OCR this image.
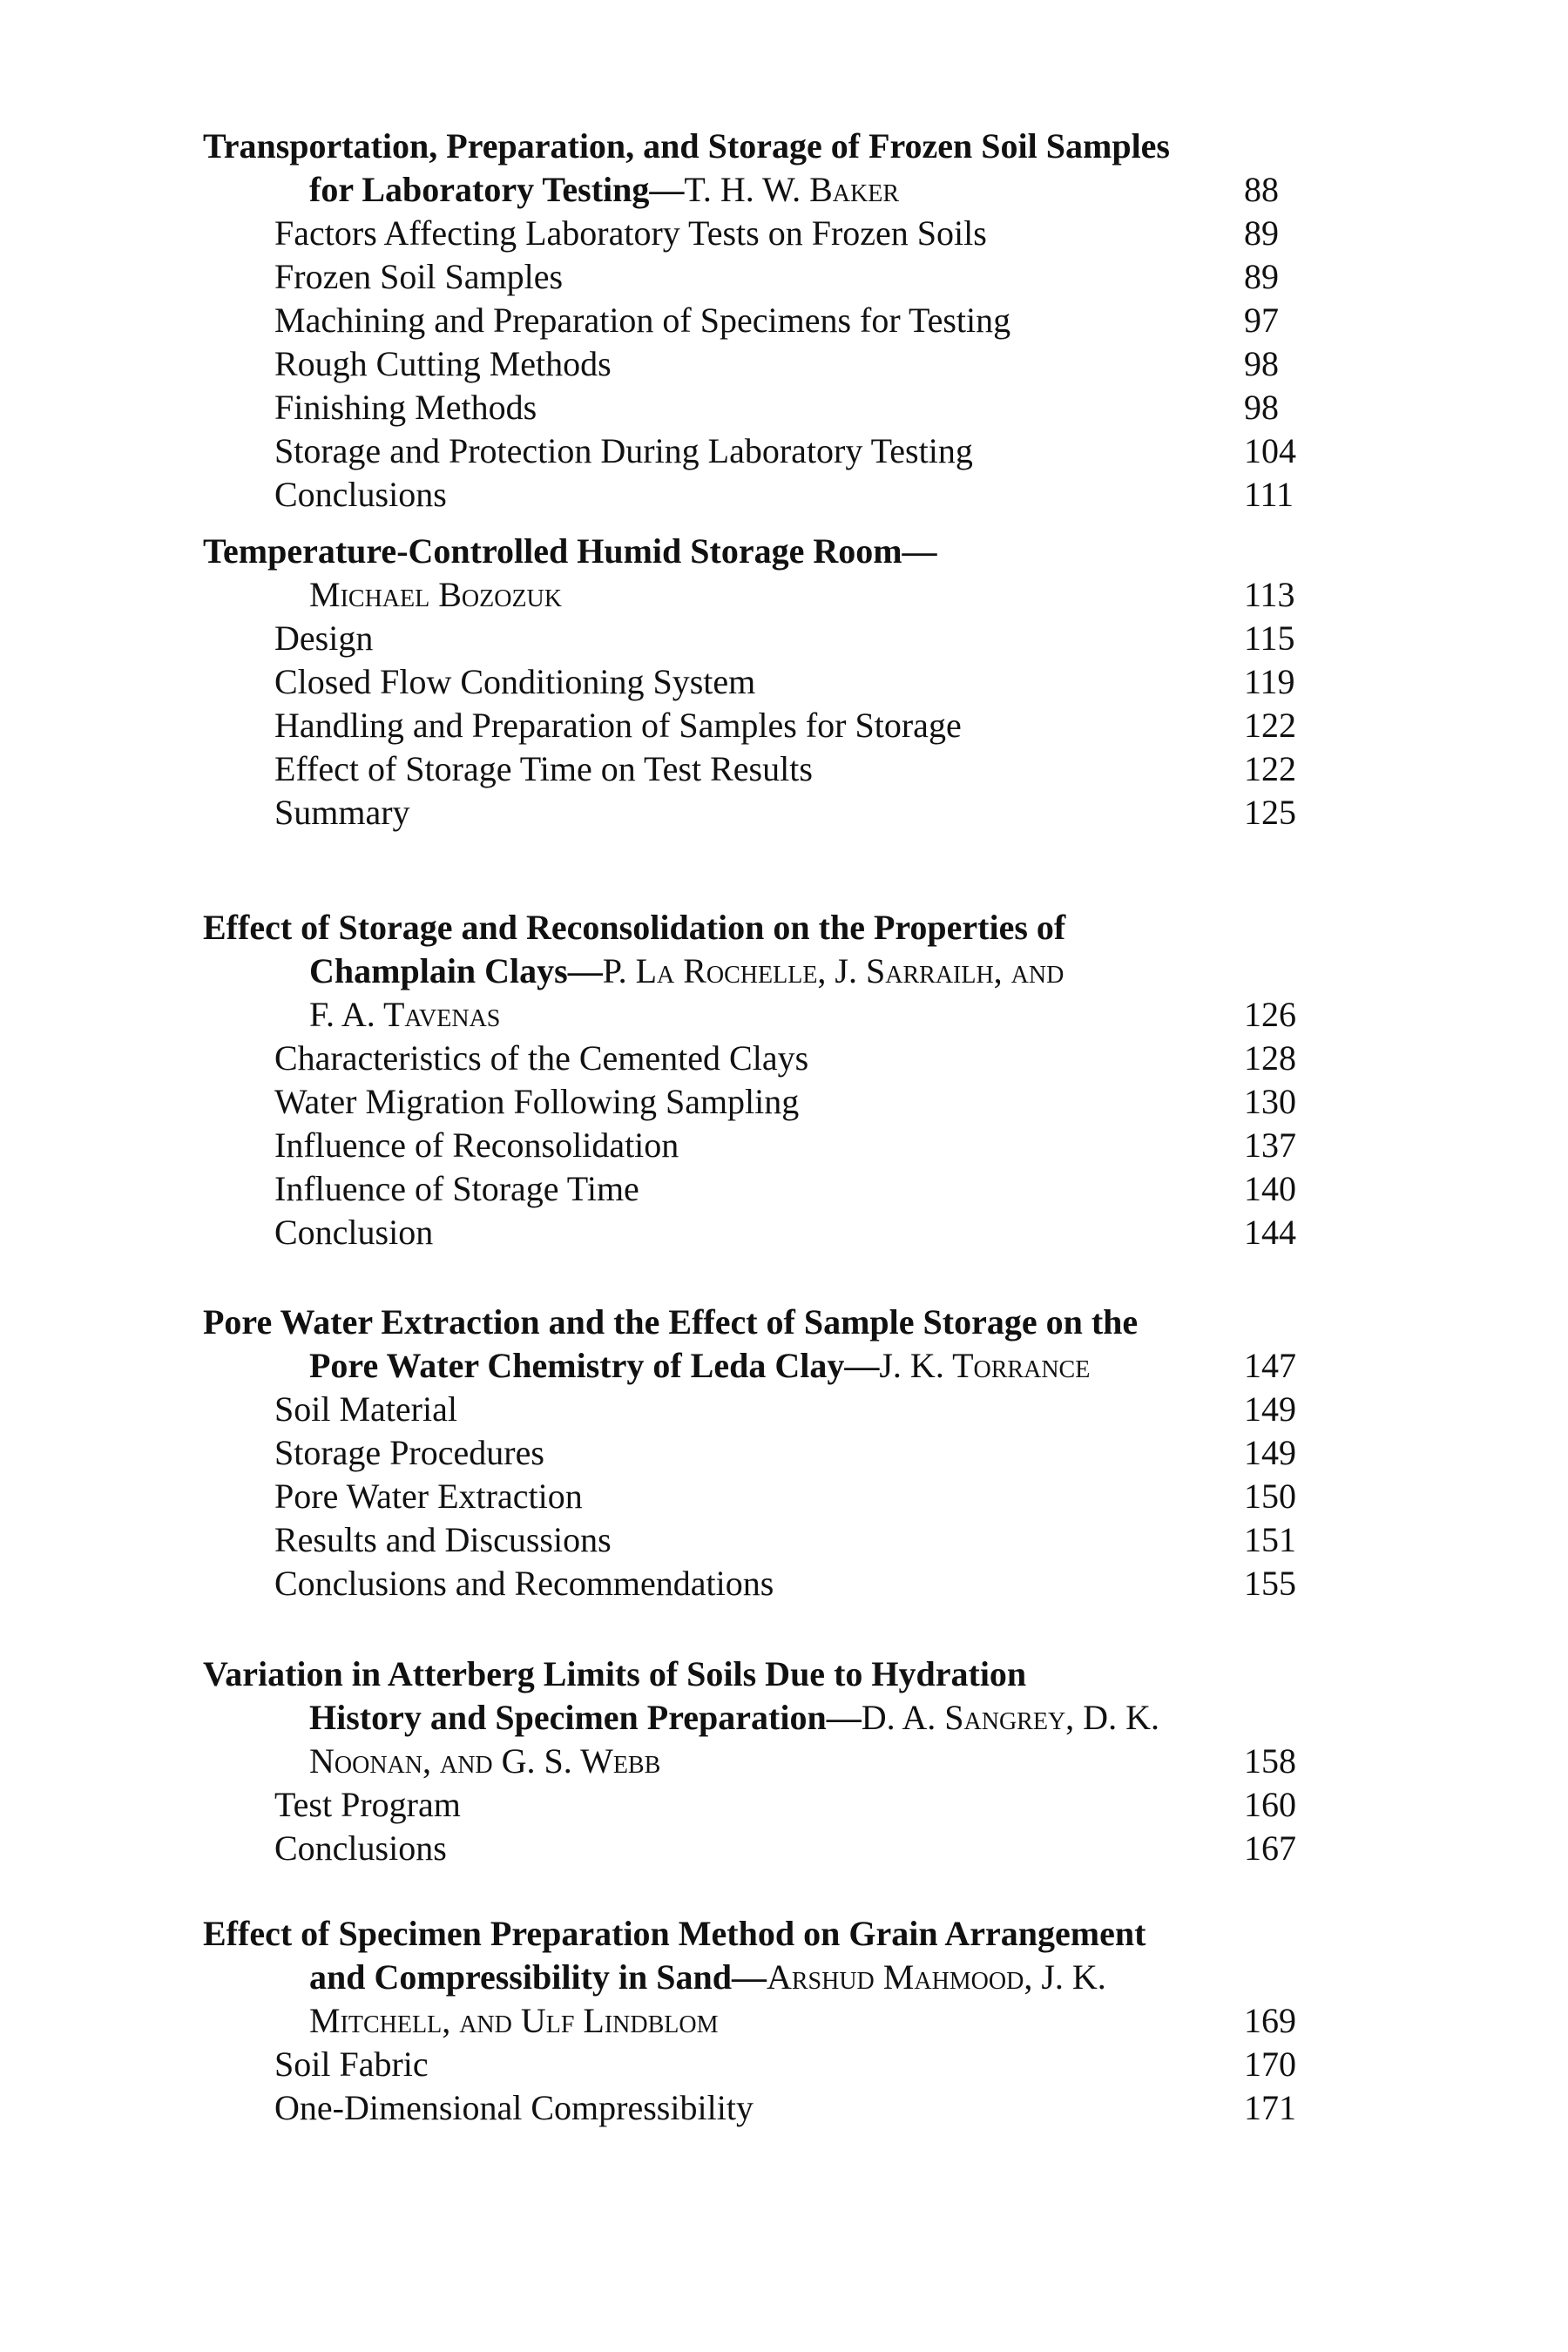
Transportation, Preparation, and Storage of Frozen Soil Samples
for Laboratory Testing—T. H. W. Baker	88
Factors Affecting Laboratory Tests on Frozen Soils	89
Frozen Soil Samples	89
Machining and Preparation of Specimens for Testing	97
Rough Cutting Methods	98
Finishing Methods	98
Storage and Protection During Laboratory Testing	104
Conclusions	111
Temperature-Controlled Humid Storage Room—
Michael Bozozuk	113
Design	115
Closed Flow Conditioning System	119
Handling and Preparation of Samples for Storage	122
Effect of Storage Time on Test Results	122
Summary	125
Effect of Storage and Reconsolidation on the Properties of
Champlain Clays—P. La Rochelle, J. Sarrailh, and
F. A. Tavenas	126
Characteristics of the Cemented Clays	128
Water Migration Following Sampling	130
Influence of Reconsolidation	137
Influence of Storage Time	140
Conclusion	144
Pore Water Extraction and the Effect of Sample Storage on the
Pore Water Chemistry of Leda Clay—J. K. Torrance	147
Soil Material	149
Storage Procedures	149
Pore Water Extraction	150
Results and Discussions	151
Conclusions and Recommendations	155
Variation in Atterberg Limits of Soils Due to Hydration
History and Specimen Preparation—D. A. Sangrey, D. K.
Noonan, and G. S. Webb	158
Test Program	160
Conclusions	167
Effect of Specimen Preparation Method on Grain Arrangement
and Compressibility in Sand—Arshud Mahmood, J. K.
Mitchell, and Ulf Lindblom	169
Soil Fabric	170
One-Dimensional Compressibility	171
